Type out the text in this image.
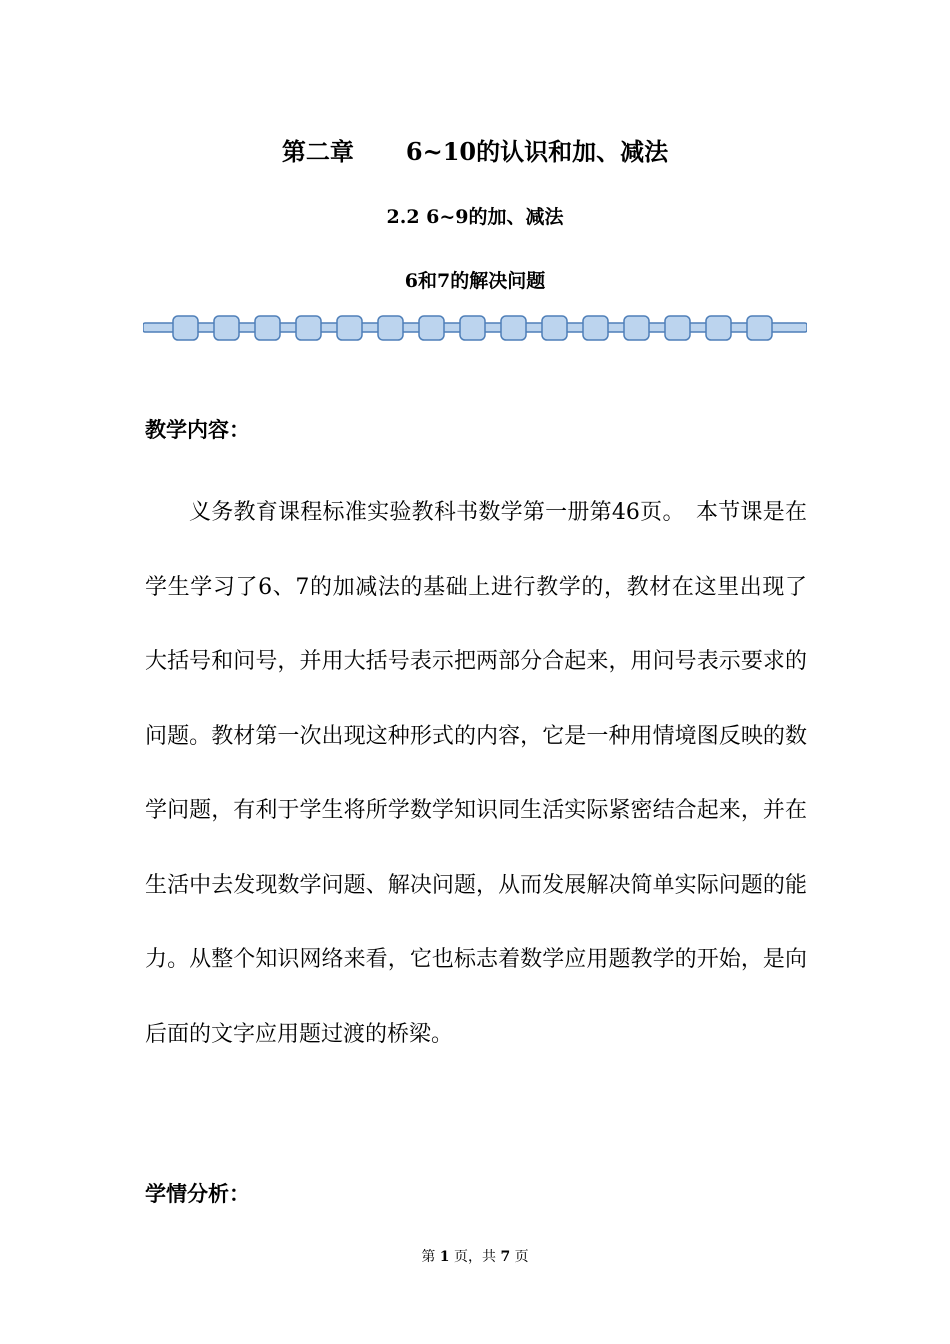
第二章 6~10的认识和加、减法
2.2 6~9的加、减法
6和7的解决问题
教学内容：

义务教育课程标准实验教科书数学第一册第46页。　本节课是在学生学习了6、7的加减法的基础上进行教学的，教材在这里出现了大括号和问号，并用大括号表示把两部分合起来，用问号表示要求的问题。教材第一次出现这种形式的内容，它是一种用情境图反映的数学问题，有利于学生将所学数学知识同生活实际紧密结合起来，并在生活中去发现数学问题、解决问题，从而发展解决简单实际问题的能力。从整个知识网络来看，它也标志着数学应用题教学的开始，是向后面的文字应用题过渡的桥梁。

学情分析：
第 1 页，共 7 页
